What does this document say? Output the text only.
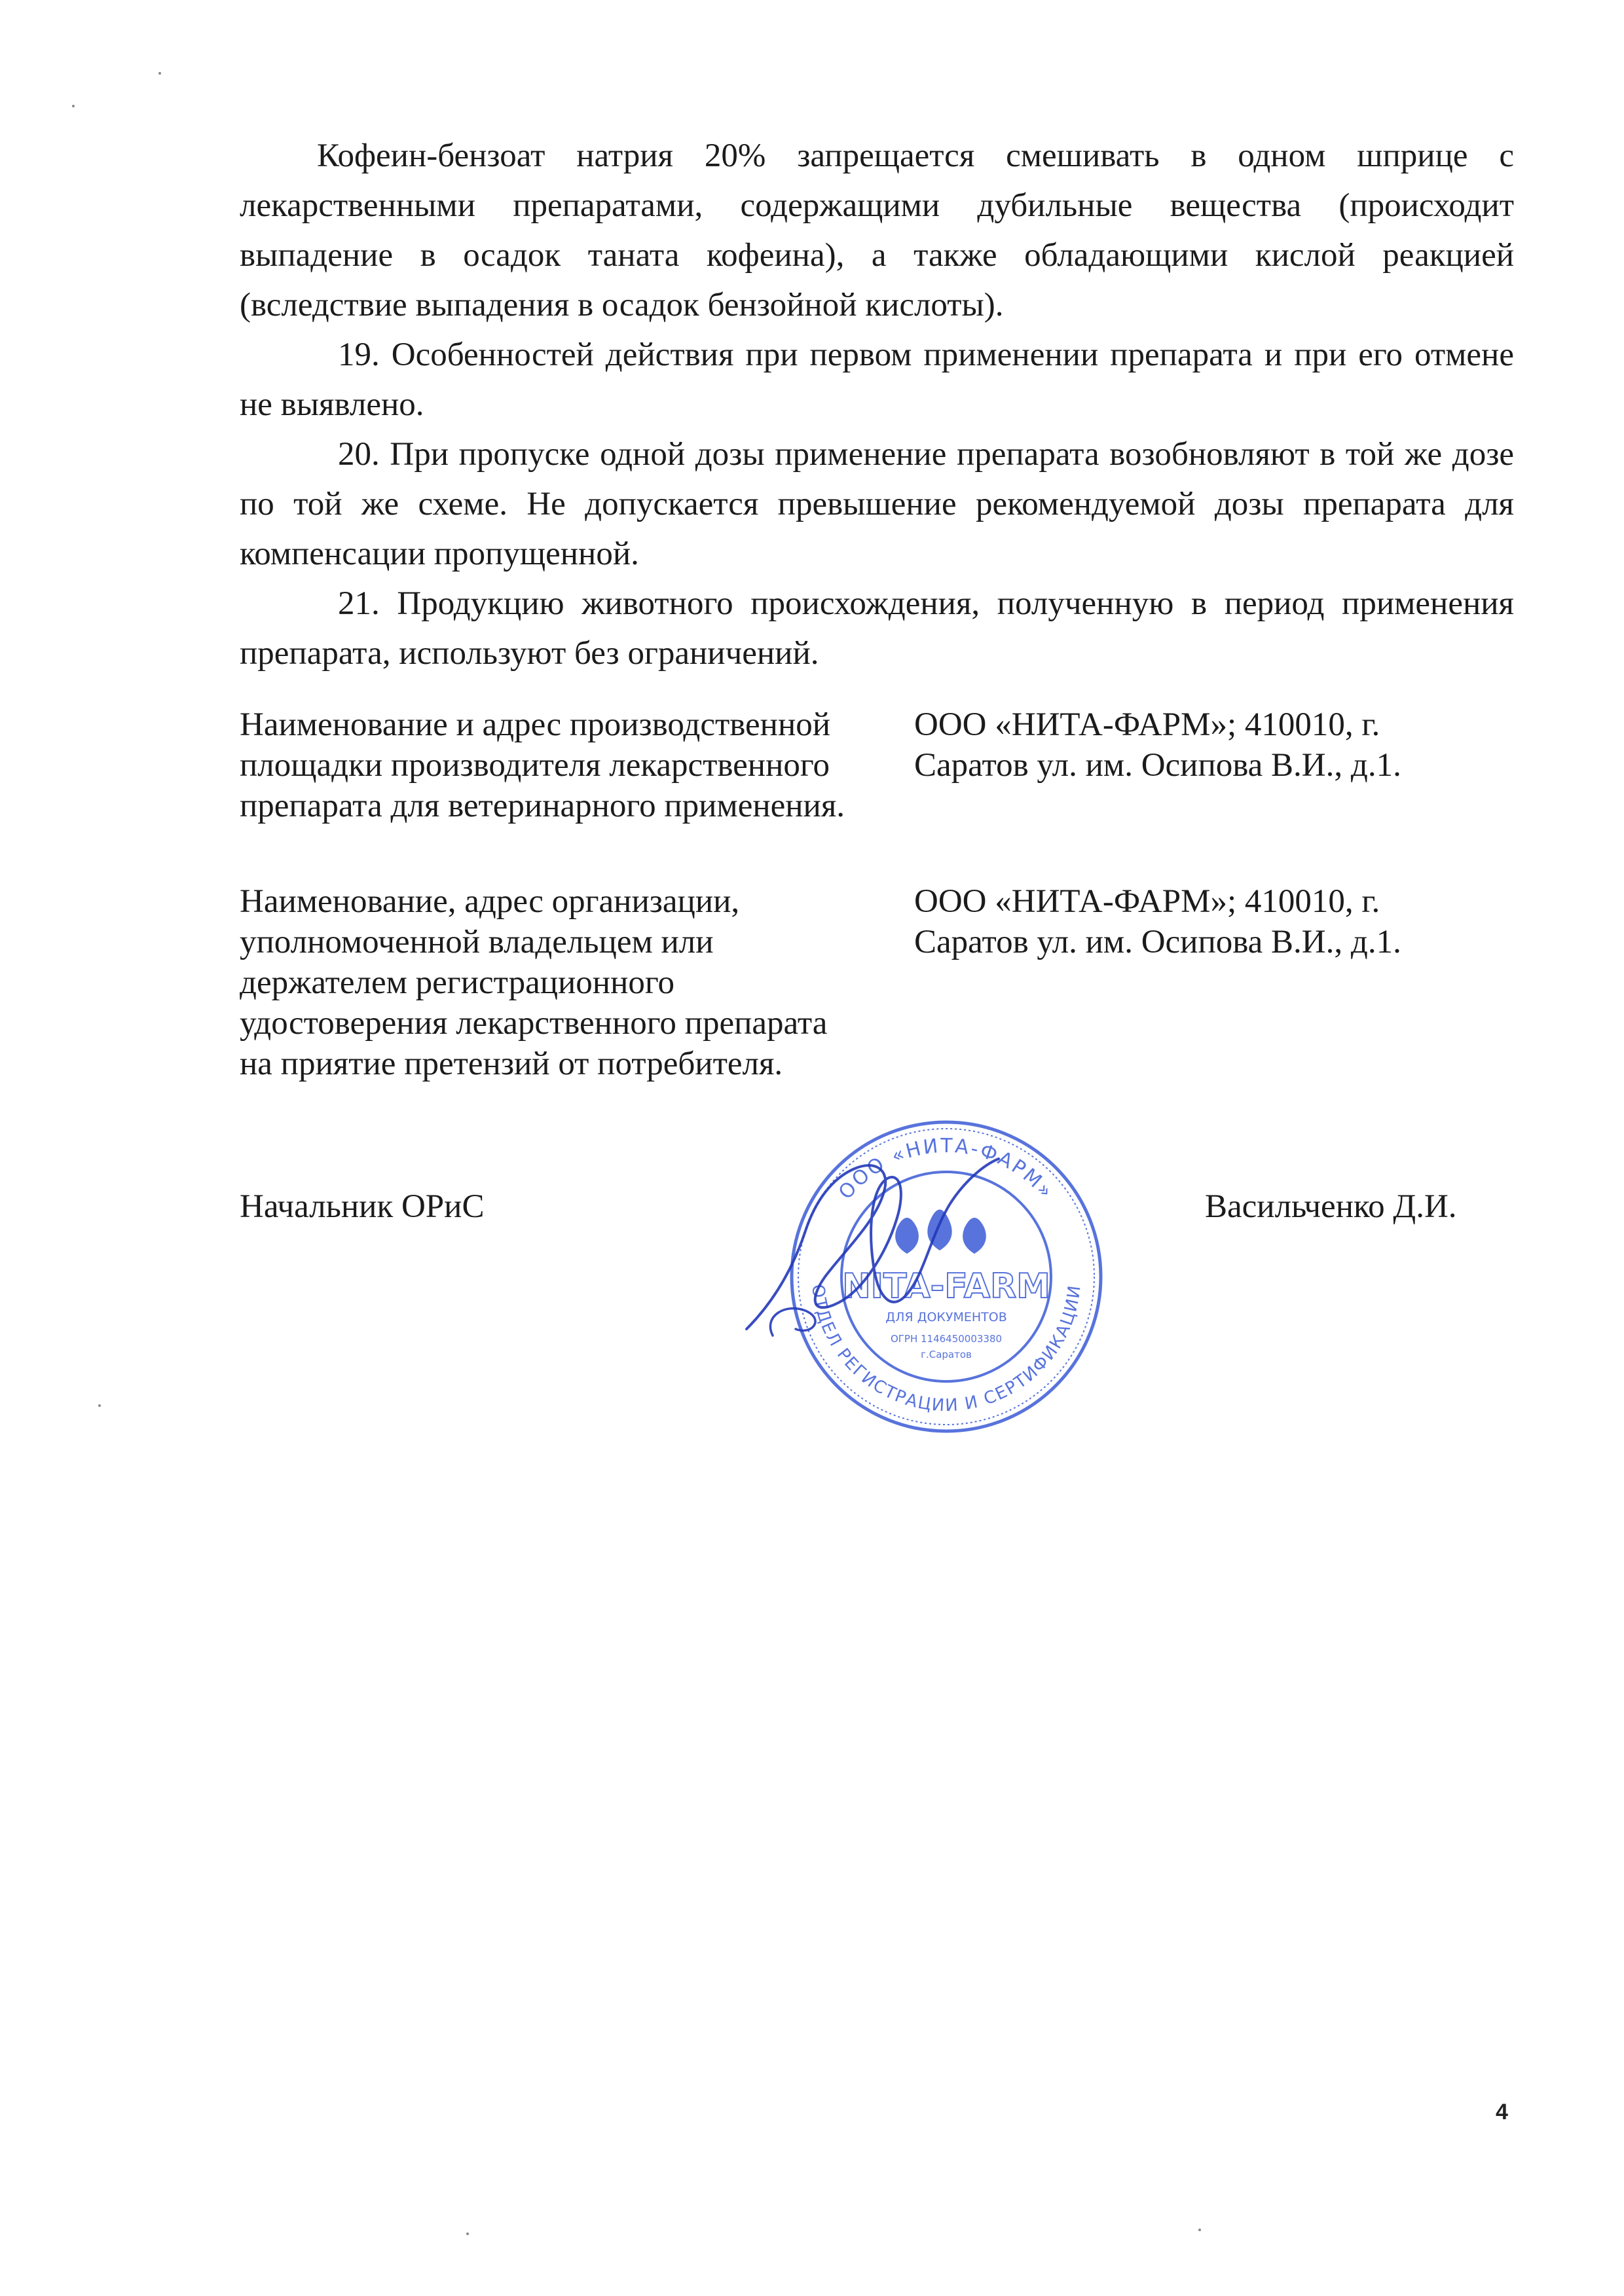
Кофеин-бензоат натрия 20% запрещается смешивать в одном шприце с лекарственными препаратами, содержащими дубильные вещества (происходит выпадение в осадок таната кофеина), а также обладающими кислой реакцией (вследствие выпадения в осадок бензойной кислоты).

19. Особенностей действия при первом применении препарата и при его отмене не выявлено.

20. При пропуске одной дозы применение препарата возобновляют в той же дозе по той же схеме. Не допускается превышение рекомендуемой дозы препарата для компенсации пропущенной.

21. Продукцию животного происхождения, полученную в период применения препарата, используют без ограничений.

Наименование и адрес производственной
площадки производителя лекарственного
препарата для ветеринарного применения.
ООО «НИТА-ФАРМ»; 410010, г.
Саратов ул. им. Осипова В.И., д.1.
Наименование, адрес организации,
уполномоченной владельцем или
держателем регистрационного
удостоверения лекарственного препарата
на приятие претензий от потребителя.
ООО «НИТА-ФАРМ»; 410010, г.
Саратов ул. им. Осипова В.И., д.1.
Начальник ОРиС	Васильченко Д.И.
ООО «НИТА-ФАРМ»
ОТДЕЛ РЕГИСТРАЦИИ И СЕРТИФИКАЦИИ
NITA-FARM
ДЛЯ ДОКУМЕНТОВ
ОГРН 1146450003380
г.Саратов
4
